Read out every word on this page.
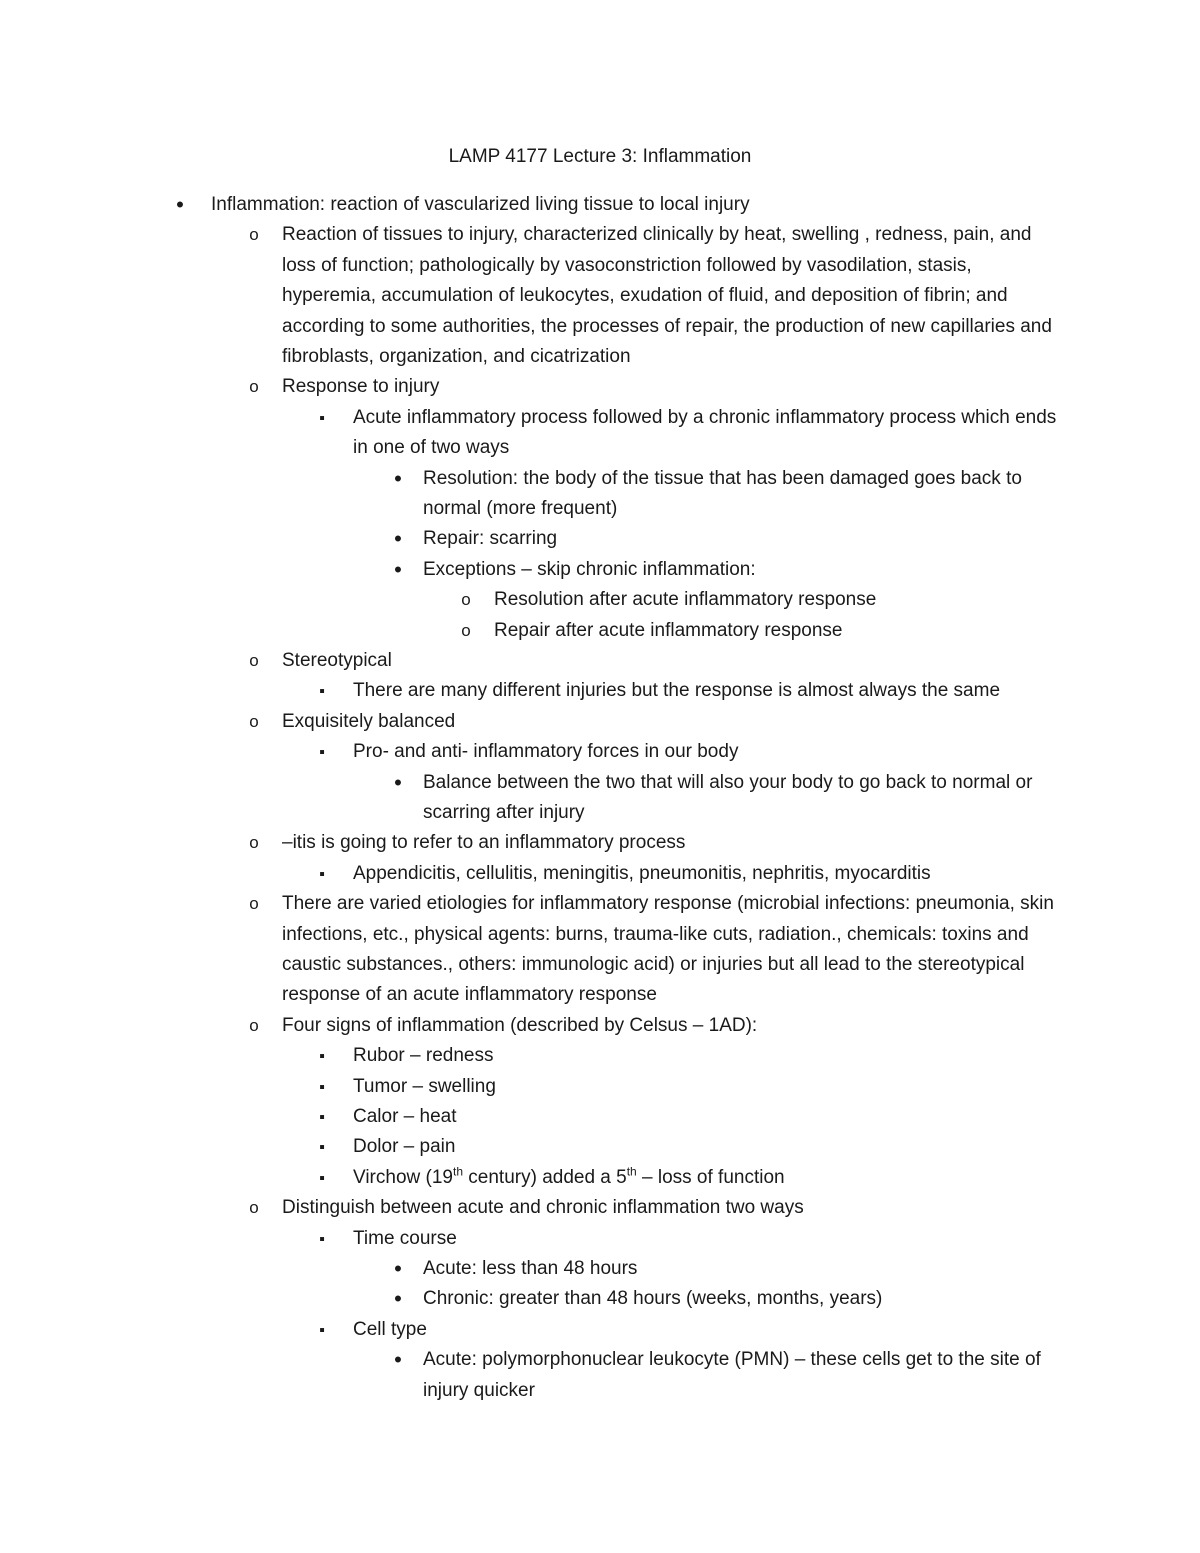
LAMP 4177 Lecture 3: Inflammation
•
Inflammation: reaction of vascularized living tissue to local injury
o
Reaction of tissues to injury, characterized clinically by heat, swelling , redness, pain, and loss of function; pathologically by vasoconstriction followed by vasodilation, stasis, hyperemia, accumulation of leukocytes, exudation of fluid, and deposition of fibrin; and according to some authorities, the processes of repair, the production of new capillaries and fibroblasts, organization, and cicatrization
o
Response to injury
▪
Acute inflammatory process followed by a chronic inflammatory process which ends in one of two ways
•
Resolution: the body of the tissue that has been damaged goes back to normal (more frequent)
•
Repair: scarring
•
Exceptions – skip chronic inflammation:
o
Resolution after acute inflammatory response
o
Repair after acute inflammatory response
o
Stereotypical
▪
There are many different injuries but the response is almost always the same
o
Exquisitely balanced
▪
Pro- and anti- inflammatory forces in our body
•
Balance between the two that will also your body to go back to normal or scarring after injury
o
–itis is going to refer to an inflammatory process
▪
Appendicitis, cellulitis, meningitis, pneumonitis, nephritis, myocarditis
o
There are varied etiologies for inflammatory response (microbial infections: pneumonia, skin infections, etc., physical agents: burns, trauma-like cuts, radiation., chemicals: toxins and caustic substances., others: immunologic acid) or injuries but all lead to the stereotypical response of an acute inflammatory response
o
Four signs of inflammation (described by Celsus – 1AD):
▪
Rubor – redness
▪
Tumor – swelling
▪
Calor – heat
▪
Dolor – pain
▪
Virchow (19th century) added a 5th – loss of function
o
Distinguish between acute and chronic inflammation two ways
▪
Time course
•
Acute: less than 48 hours
•
Chronic: greater than 48 hours (weeks, months, years)
▪
Cell type
•
Acute: polymorphonuclear leukocyte (PMN) – these cells get to the site of injury quicker
